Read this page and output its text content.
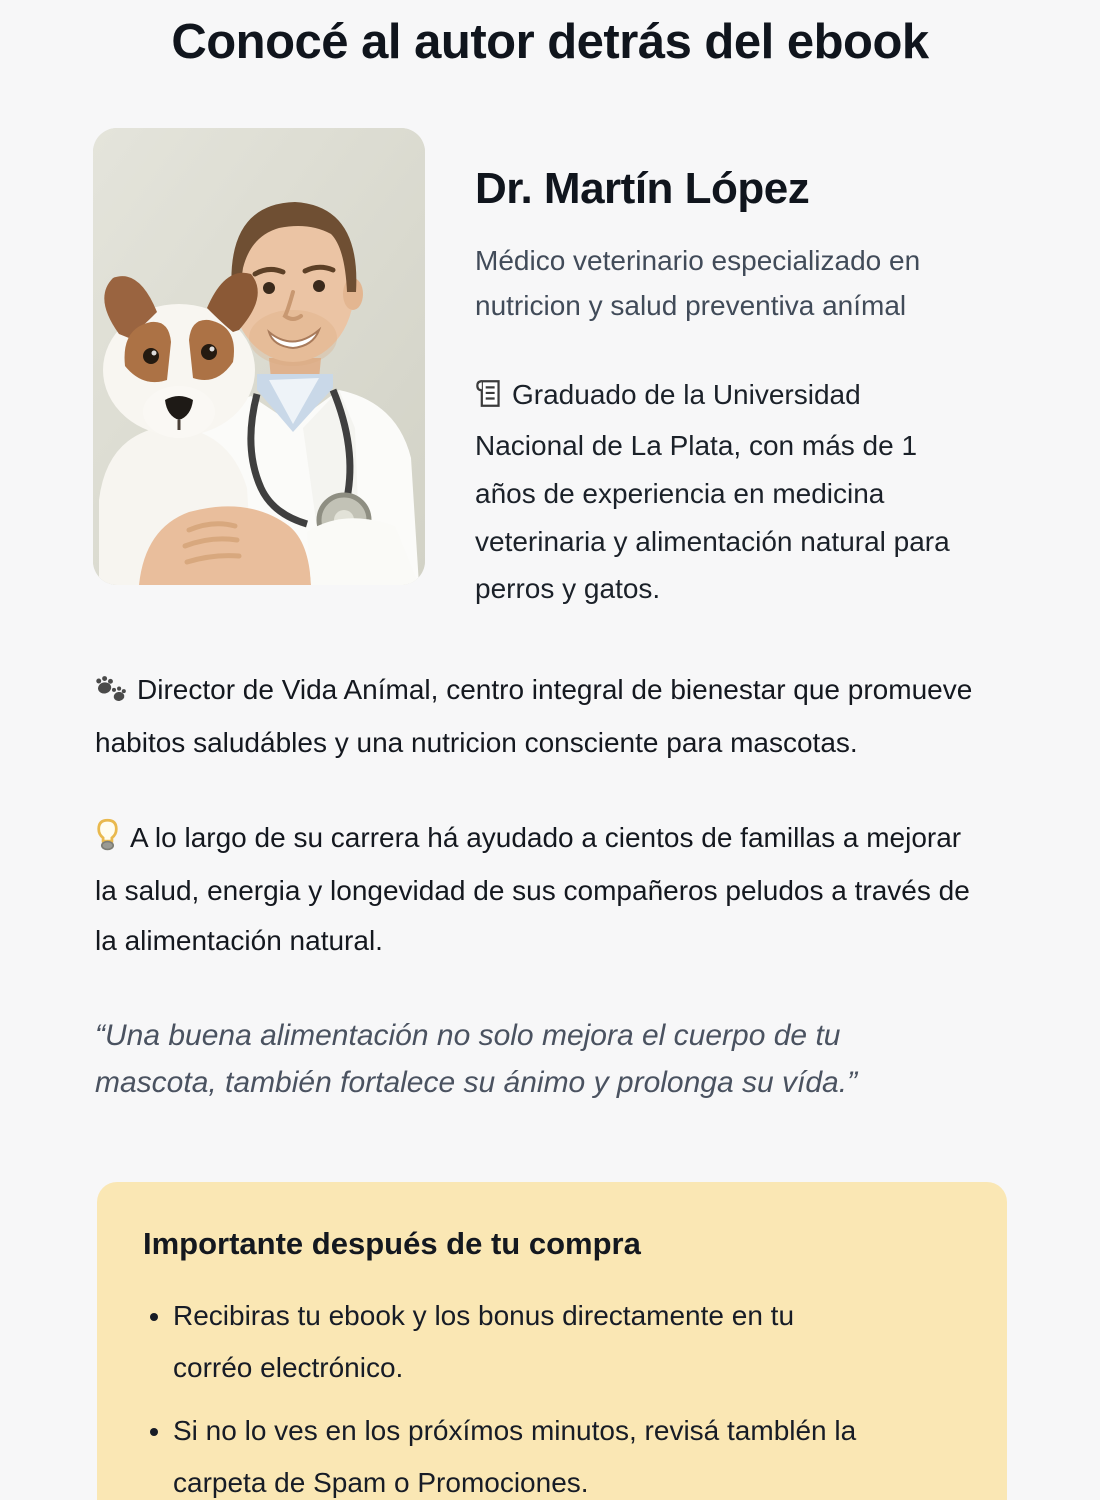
Conocé al autor detrás del ebook
Dr. Martín López

Médico veterinario especializado en nutricion y salud preventiva anímal

Graduado de la Universidad Nacional de La Plata, con más de 1 años de experiencia en medicina veterinaria y alimentación natural para perros y gatos.

Director de Vida Anímal, centro integral de bienestar que promueve habitos saludábles y una nutricion consciente para mascotas.

A lo largo de su carrera há ayudado a cientos de famillas a mejorar la salud, energia y longevidad de sus compañeros peludos a través de la alimentación natural.

“Una buena alimentación no solo mejora el cuerpo de tu mascota, también fortalece su ánimo y prolonga su vída.”

Importante después de tu compra
• Recibiras tu ebook y los bonus directamente en tu corréo electrónico.
• Si no lo ves en los próxímos minutos, revisá tamblén la carpeta de Spam o Promociones.
